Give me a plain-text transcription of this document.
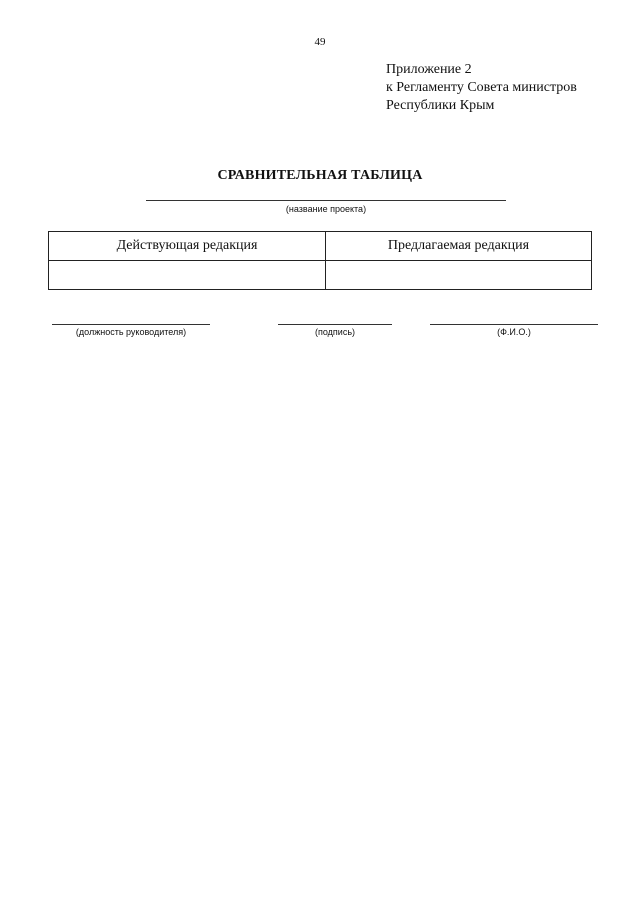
49
Приложение 2
к Регламенту Совета министров
Республики Крым
СРАВНИТЕЛЬНАЯ ТАБЛИЦА
(название проекта)
Действующая редакция	Предлагаемая редакция

(должность руководителя)	(подпись)	(Ф.И.О.)
